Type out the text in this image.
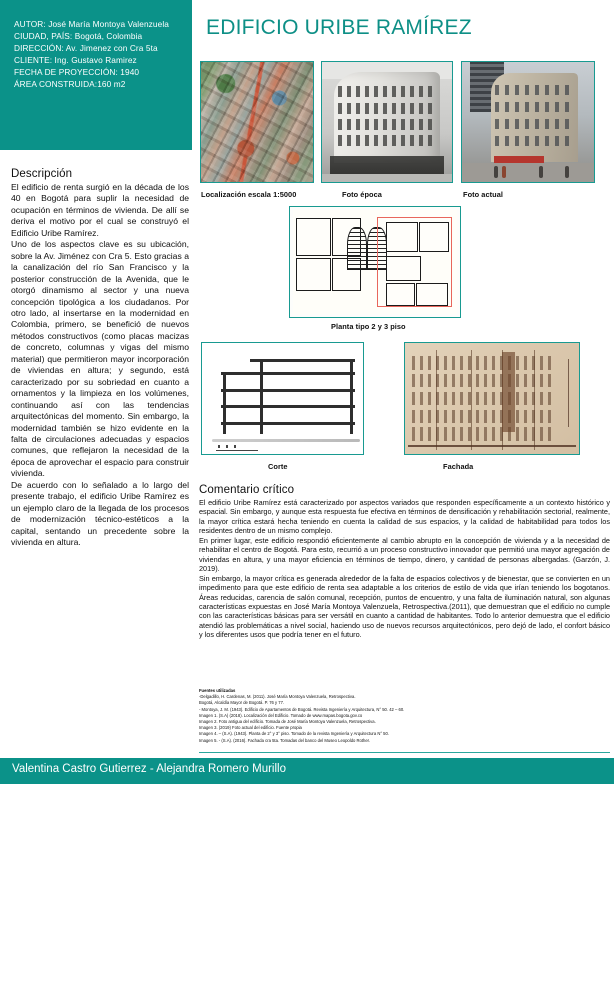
AUTOR: José María Montoya Valenzuela
CIUDAD, PAÍS: Bogotá, Colombia
DIRECCIÓN: Av. Jimenez con Cra 5ta
CLIENTE: Ing. Gustavo Ramirez
FECHA DE PROYECCIÓN: 1940
ÁREA CONSTRUIDA:160 m2
EDIFICIO URIBE RAMÍREZ
Localización escala 1:5000	Foto época	Foto actual
Planta tipo 2 y 3 piso
Corte	Fachada
Descripción

El edificio de renta surgió en la década de los 40 en Bogotá para suplir la necesidad de ocupación en términos de vivienda. De allí se deriva el motivo por el cual se construyó el Edificio Uribe Ramírez.

Uno de los aspectos clave es su ubicación, sobre la Av. Jiménez con Cra 5. Esto gracias a la canalización del río San Francisco y la posterior construcción de la Avenida, que le otorgó dinamismo al sector y una nueva concepción tipológica a los ciudadanos. Por otro lado, al insertarse en la modernidad en Colombia, primero, se benefició de nuevos métodos constructivos (como placas macizas de concreto, columnas y vigas del mismo material) que permitieron mayor incorporación de viviendas en altura; y segundo, está caracterizado por su sobriedad en cuanto a ornamentos y la limpieza en los volúmenes, continuando así con las tendencias arquitectónicas del momento. Sin embargo, la modernidad también se hizo evidente en la falta de circulaciones adecuadas y espacios comunes, que reflejaron la necesidad de la época de aprovechar el espacio para construir vivienda.

De acuerdo con lo señalado a lo largo del presente trabajo, el edificio Uribe Ramírez es un ejemplo claro de la llegada de los procesos de modernización técnico-estéticos a la capital, sentando un precedente sobre la vivienda en altura.

Comentario crítico

El edificio Uribe Ramírez está caracterizado por aspectos variados que responden específicamente a un contexto histórico y espacial. Sin embargo, y aunque esta respuesta fue efectiva en términos de densificación y rehabilitación sectorial, realmente, la mayor crítica estará hecha teniendo en cuenta la calidad de sus espacios, y la calidad de habitabilidad para todos los residentes dentro de un mismo complejo.

En primer lugar, este edificio respondió eficientemente al cambio abrupto en la concepción de vivienda y a la necesidad de rehabilitar el centro de Bogotá. Para esto, recurrió a un proceso constructivo innovador que permitió una mayor agregación de viviendas en altura, y una mayor eficiencia en términos de tiempo, dinero, y cantidad de personas albergadas. (Garzón, J. 2019).

Sin embargo, la mayor crítica es generada alrededor de la falta de espacios colectivos y de bienestar, que se convierten en un impedimento para que este edificio de renta sea adaptable a los criterios de estilo de vida que irían teniendo los bogotanos. Áreas reducidas, carencia de salón comunal, recepción, puntos de encuentro, y una falta de iluminación natural, son algunas características expuestas en José María Montoya Valenzuela, Retrospectiva.(2011), que demuestran que el edificio no cumple con las características básicas para ser versátil en cuanto a cantidad de habitantes. Todo lo anterior demuestra que el edificio atendió las problemáticas a nivel social, haciendo uso de nuevos recursos arquitectónicos, pero dejó de lado, el confort básico y los diferentes usos que podría tener en el futuro.

Fuentes utilizadas
-Delgadillo, H. Cardenas, M. (2011). José María Montoya Valenzuela, Retrospectiva.
Bogotá, Alcaldía Mayor de Bogotá. P. 76 y 77.
- Montoya, J. M. (1943). Edificio de Apartamentos de Bogotá. Revista Ingeniería y Arquitectura, N° 50. 42 – 60.
Imagen 1. (S.A) (2018). Localización del Edificio. Tomado de www.mapas.bogota.gov.co
Imagen 2. Foto antigua del edificio. Tomada de José María Montoya Valenzuela, Retrospectiva.
Imagen 3. (2019) Foto actual del edificio. Fuente propia
Imagen 4. – (S.A). (1943). Planta de 2° y 3° piso. Tomado de la revista Ingeniería y Arquitectura N° 50.
Imagen 5. - (S.A). (2016). Fachada cra 5ta. Tomadas del banco del Museo Leopoldo Rother.
Valentina Castro Gutierrez - Alejandra Romero Murillo
